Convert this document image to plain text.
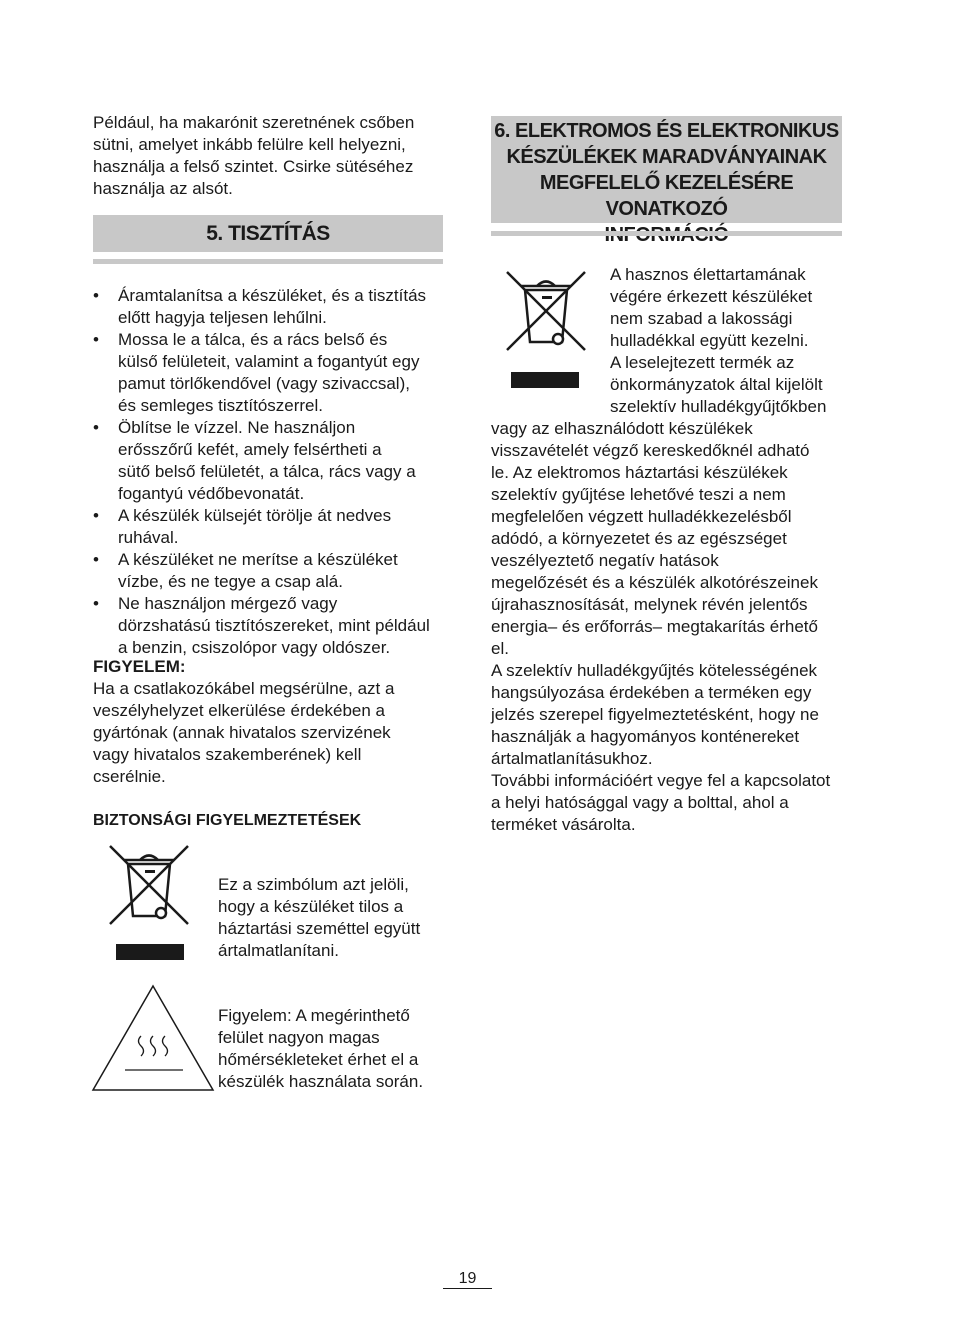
Például, ha makarónit szeretnének csőben

sütni, amelyet inkább felülre kell helyezni,

használja a felső szintet. Csirke sütéséhez

használja az alsót.

5. TISZTÍTÁS

• Áramtalanítsa a készüléket, és a tisztítás

előtt hagyja teljesen lehűlni.

• Mossa le a tálca, és a rács belső és

külső felületeit, valamint a fogantyút egy

pamut törlőkendővel (vagy szivaccsal),

és semleges tisztítószerrel.

• Öblítse le vízzel. Ne használjon

erősszőrű kefét, amely felsértheti a

sütő belső felületét, a tálca, rács vagy a

fogantyú védőbevonatát.

• A készülék külsejét törölje át nedves

ruhával.

• A készüléket ne merítse a készüléket

vízbe, és ne tegye a csap alá.

• Ne használjon mérgező vagy

dörzshatású tisztítószereket, mint például

a benzin, csiszolópor vagy oldószer.

FIGYELEM:

Ha a csatlakozókábel megsérülne, azt a

veszélyhelyzet elkerülése érdekében a

gyártónak (annak hivatalos szervizének

vagy hivatalos szakemberének) kell

cserélnie.

BIZTONSÁGI FIGYELMEZTETÉSEK

Ez a szimbólum azt jelöli,

hogy a készüléket tilos a

háztartási szeméttel együtt

ártalmatlanítani.

Figyelem: A megérinthető

felület nagyon magas

hőmérsékleteket érhet el a

készülék használata során.

6. ELEKTROMOS ÉS ELEKTRONIKUS
KÉSZÜLÉKEK MARADVÁNYAINAK
MEGFELELŐ KEZELÉSÉRE VONATKOZÓ

A hasznos élettartamának

végére érkezett készüléket

nem szabad a lakossági

hulladékkal együtt kezelni.

A leselejtezett termék az

önkormányzatok által kijelölt

szelektív hulladékgyűjtőkben

vagy az elhasználódott készülékek

visszavételét végző kereskedőknél adható

le. Az elektromos háztartási készülékek

szelektív gyűjtése lehetővé teszi a nem

megfelelően végzett hulladékkezelésből

adódó, a környezetet és az egészséget

veszélyeztető negatív hatások

megelőzését és a készülék alkotórészeinek

újrahasznosítását, melynek révén jelentős

energia– és erőforrás– megtakarítás érhető

el.

A szelektív hulladékgyűjtés kötelességének

hangsúlyozása érdekében a terméken egy

jelzés szerepel figyelmeztetésként, hogy ne

használják a hagyományos konténereket

ártalmatlanításukhoz.

További információért vegye fel a kapcsolatot

a helyi hatósággal vagy a bolttal, ahol a

terméket vásárolta.

19
